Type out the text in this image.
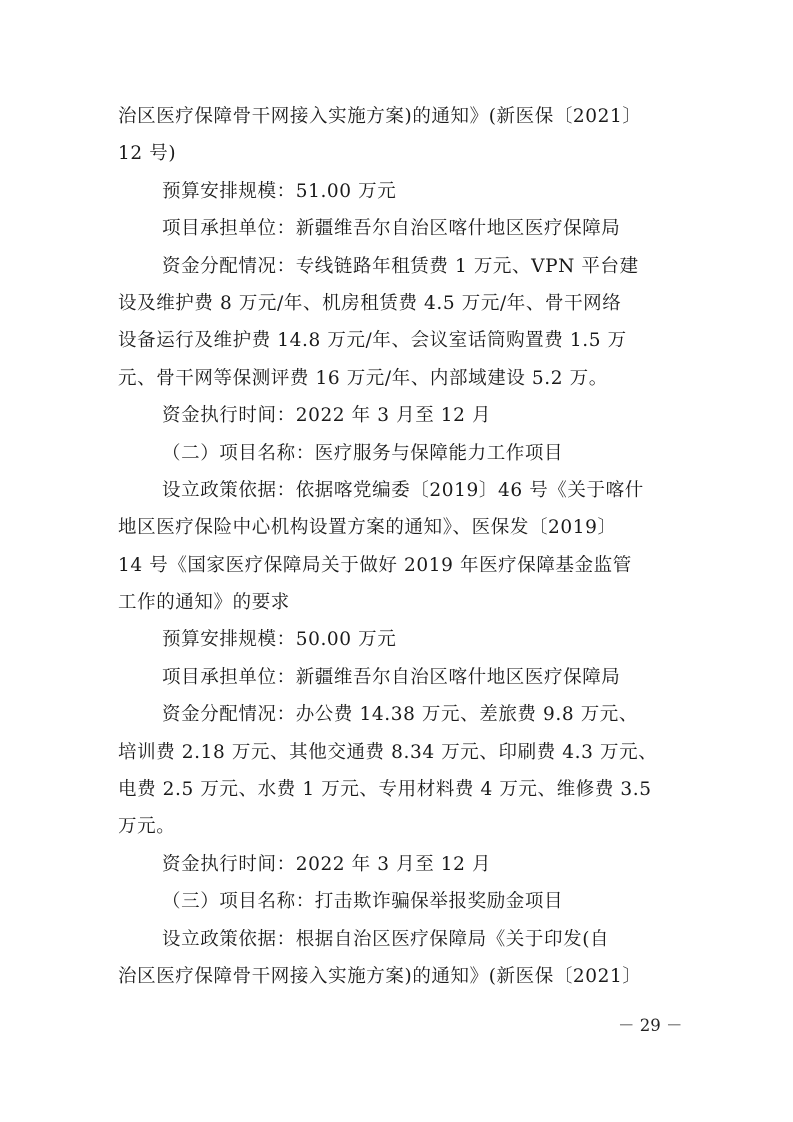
治区医疗保障骨干网接入实施方案)的通知》(新医保〔2021〕
12 号)
预算安排规模：51.00 万元
项目承担单位：新疆维吾尔自治区喀什地区医疗保障局
资金分配情况：专线链路年租赁费 1 万元、VPN 平台建
设及维护费 8 万元/年、机房租赁费 4.5 万元/年、骨干网络
设备运行及维护费 14.8 万元/年、会议室话筒购置费 1.5 万
元、骨干网等保测评费 16 万元/年、内部域建设 5.2 万。
资金执行时间：2022 年 3 月至 12 月
（二）项目名称：医疗服务与保障能力工作项目
设立政策依据：依据喀党编委〔2019〕46 号《关于喀什
地区医疗保险中心机构设置方案的通知》、医保发〔2019〕
14 号《国家医疗保障局关于做好 2019 年医疗保障基金监管
工作的通知》的要求
预算安排规模：50.00 万元
项目承担单位：新疆维吾尔自治区喀什地区医疗保障局
资金分配情况：办公费 14.38 万元、差旅费 9.8 万元、
培训费 2.18 万元、其他交通费 8.34 万元、印刷费 4.3 万元、
电费 2.5 万元、水费 1 万元、专用材料费 4 万元、维修费 3.5
万元。
资金执行时间：2022 年 3 月至 12 月
（三）项目名称：打击欺诈骗保举报奖励金项目
设立政策依据：根据自治区医疗保障局《关于印发(自
治区医疗保障骨干网接入实施方案)的通知》(新医保〔2021〕
－ 29 －
